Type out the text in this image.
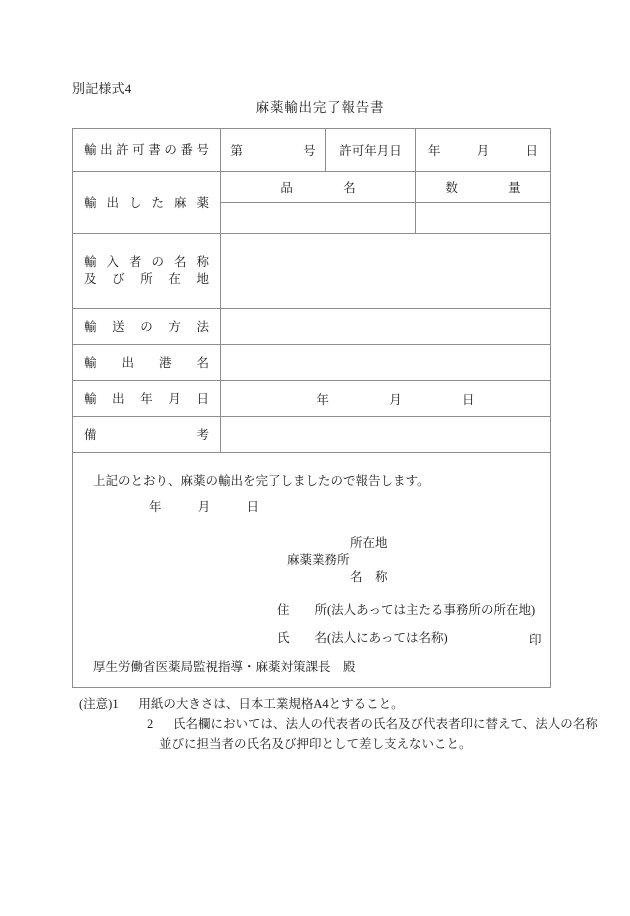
別記様式4
麻薬輸出完了報告書
輸出許可書の番号	第 号	許可年月日	年 月 日

輸出した麻薬	品 名		数 量

輸入者の名称
及び所在地			

輸送の方法			

輸出港名			

輸出年月日	年 月 日		

備考			

上記のとおり、麻薬の輸出を完了しましたので報告します。
年	月	日
所在地
麻薬業務所
名　称
住　　所(法人あっては主たる事務所の所在地)
氏　　名(法人にあっては名称)	印
厚生労働省医薬局監視指導・麻薬対策課長　殿
(注意)1 用紙の大きさは、日本工業規格A4とすること。
2 氏名欄においては、法人の代表者の氏名及び代表者印に替えて、法人の名称
並びに担当者の氏名及び押印として差し支えないこと。
